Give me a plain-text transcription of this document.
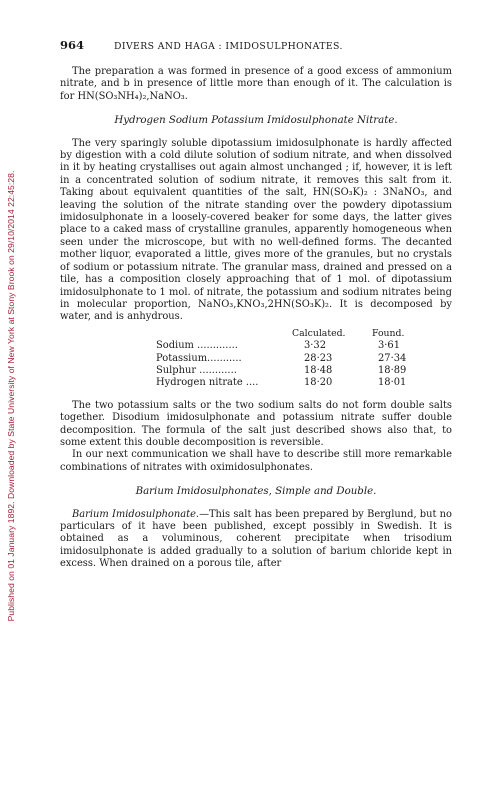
Published on 01 January 1892. Downloaded by State University of New York at Stony Brook on 29/10/2014 22:45:28.
964	DIVERS AND HAGA : IMIDOSULPHONATES.

The preparation a was formed in presence of a good excess of ammonium nitrate, and b in presence of little more than enough of it. The calculation is for HN(SO₃NH₄)₂,NaNO₃.

Hydrogen Sodium Potassium Imidosulphonate Nitrate.

The very sparingly soluble dipotassium imidosulphonate is hardly affected by digestion with a cold dilute solution of sodium nitrate, and when dissolved in it by heating crystallises out again almost unchanged ; if, however, it is left in a concentrated solution of sodium nitrate, it removes this salt from it. Taking about equivalent quantities of the salt, HN(SO₃K)₂ : 3NaNO₃, and leaving the solution of the nitrate standing over the powdery dipotassium imidosulphonate in a loosely-covered beaker for some days, the latter gives place to a caked mass of crystalline granules, apparently homogeneous when seen under the microscope, but with no well-defined forms. The decanted mother liquor, evaporated a little, gives more of the granules, but no crystals of sodium or potassium nitrate. The granular mass, drained and pressed on a tile, has a composition closely approaching that of 1 mol. of dipotassium imidosulphonate to 1 mol. of nitrate, the potassium and sodium nitrates being in molecular proportion, NaNO₃,KNO₃,2HN(SO₃K)₂. It is decomposed by water, and is anhydrous.

Calculated.	Found.
Sodium .............	3·32	3·61
Potassium...........	28·23	27·34
Sulphur ............	18·48	18·89
Hydrogen nitrate ....	18·20	18·01

The two potassium salts or the two sodium salts do not form double salts together. Disodium imidosulphonate and potassium nitrate suffer double decomposition. The formula of the salt just described shows also that, to some extent this double decomposition is reversible.

In our next communication we shall have to describe still more remarkable combinations of nitrates with oximidosulphonates.

Barium Imidosulphonates, Simple and Double.

Barium Imidosulphonate.—This salt has been prepared by Berglund, but no particulars of it have been published, except possibly in Swedish. It is obtained as a voluminous, coherent precipitate when trisodium imidosulphonate is added gradually to a solution of barium chloride kept in excess. When drained on a porous tile, after
